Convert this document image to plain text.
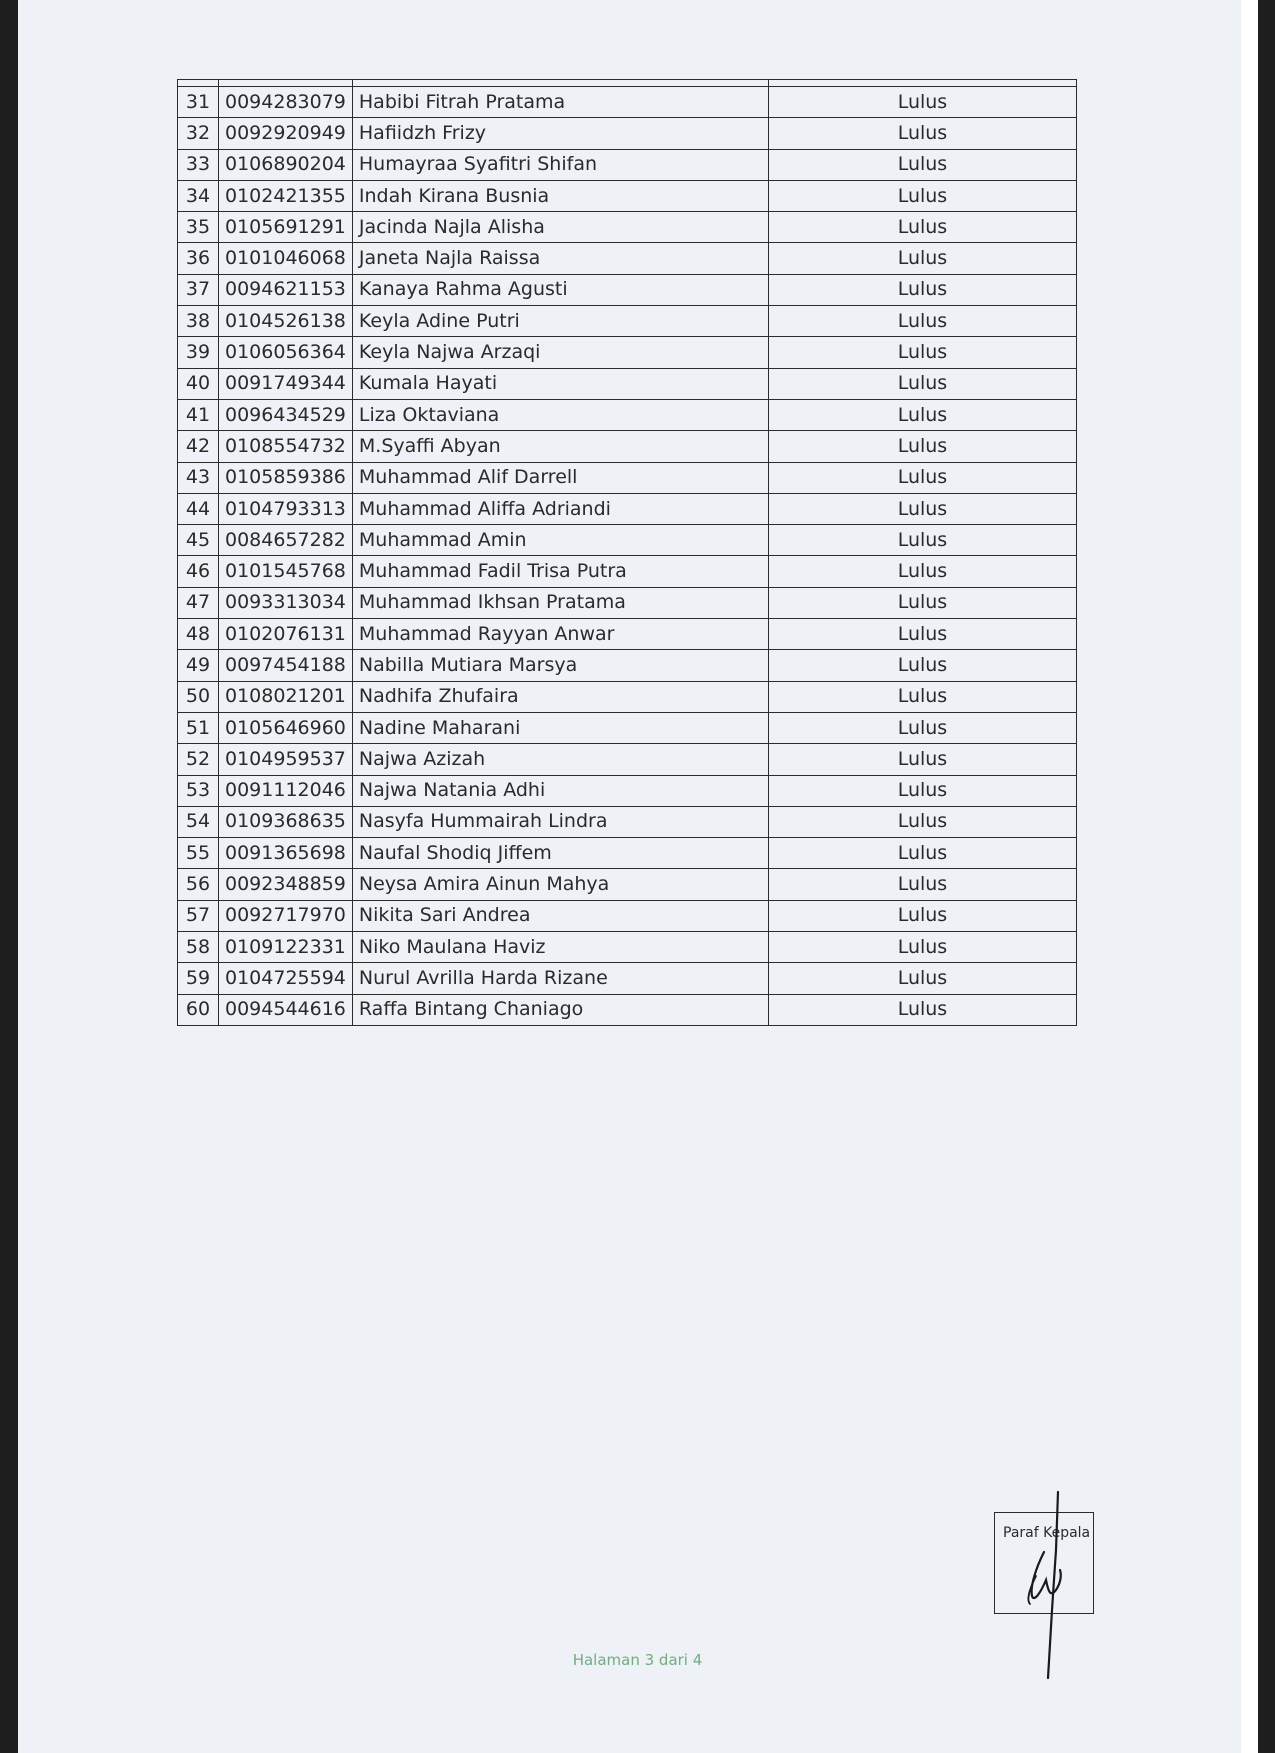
31	0094283079	Habibi Fitrah Pratama	Lulus
32	0092920949	Hafiidzh Frizy	Lulus
33	0106890204	Humayraa Syafitri Shifan	Lulus
34	0102421355	Indah Kirana Busnia	Lulus
35	0105691291	Jacinda Najla Alisha	Lulus
36	0101046068	Janeta Najla Raissa	Lulus
37	0094621153	Kanaya Rahma Agusti	Lulus
38	0104526138	Keyla Adine Putri	Lulus
39	0106056364	Keyla Najwa Arzaqi	Lulus
40	0091749344	Kumala Hayati	Lulus
41	0096434529	Liza Oktaviana	Lulus
42	0108554732	M.Syaffi Abyan	Lulus
43	0105859386	Muhammad Alif Darrell	Lulus
44	0104793313	Muhammad Aliffa Adriandi	Lulus
45	0084657282	Muhammad Amin	Lulus
46	0101545768	Muhammad Fadil Trisa Putra	Lulus
47	0093313034	Muhammad Ikhsan Pratama	Lulus
48	0102076131	Muhammad Rayyan Anwar	Lulus
49	0097454188	Nabilla Mutiara Marsya	Lulus
50	0108021201	Nadhifa Zhufaira	Lulus
51	0105646960	Nadine Maharani	Lulus
52	0104959537	Najwa Azizah	Lulus
53	0091112046	Najwa Natania Adhi	Lulus
54	0109368635	Nasyfa Hummairah Lindra	Lulus
55	0091365698	Naufal Shodiq Jiffem	Lulus
56	0092348859	Neysa Amira Ainun Mahya	Lulus
57	0092717970	Nikita Sari Andrea	Lulus
58	0109122331	Niko Maulana Haviz	Lulus
59	0104725594	Nurul Avrilla Harda Rizane	Lulus
60	0094544616	Raffa Bintang Chaniago	Lulus
Paraf Kepala
Halaman 3 dari 4
